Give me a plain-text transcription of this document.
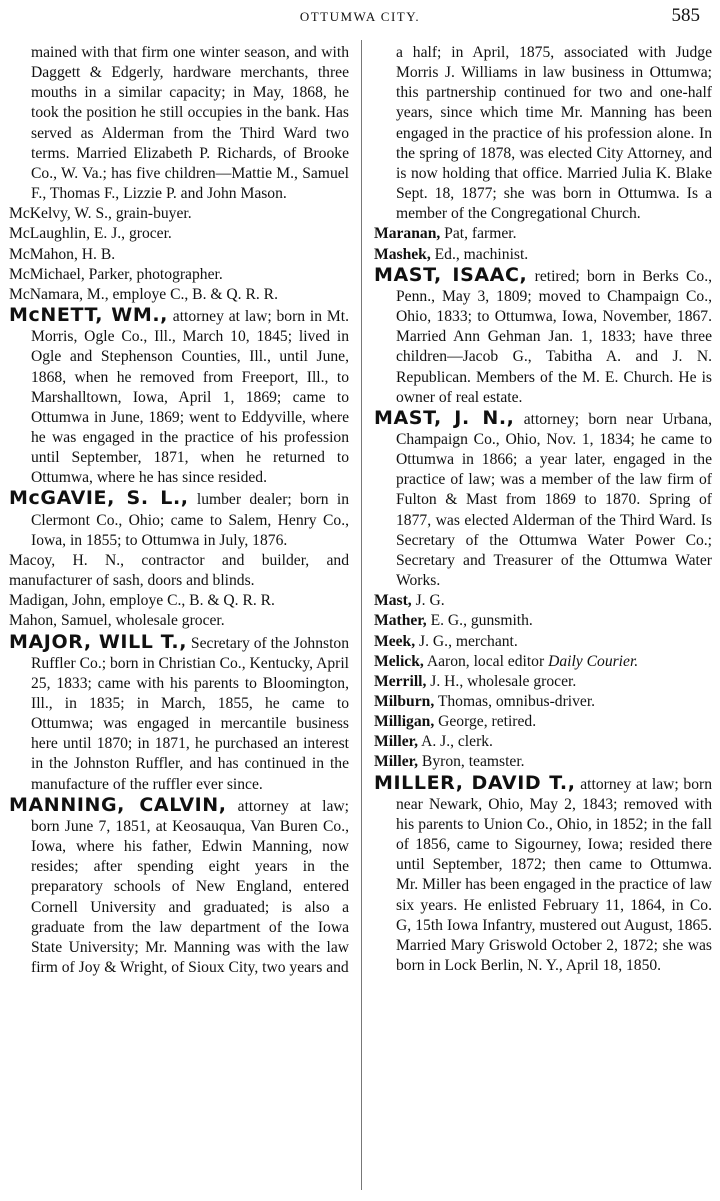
OTTUMWA CITY.	585

mained with that firm one winter season, and with Daggett & Edgerly, hardware merchants, three mouths in a similar capacity; in May, 1868, he took the position he still occupies in the bank. Has served as Alderman from the Third Ward two terms. Married Elizabeth P. Richards, of Brooke Co., W. Va.; has five children—Mattie M., Samuel F., Thomas F., Lizzie P. and John Mason.

McKelvy, W. S., grain-buyer.

McLaughlin, E. J., grocer.

McMahon, H. B.

McMichael, Parker, photographer.

McNamara, M., employe C., B. & Q. R. R.

McNETT, WM., attorney at law; born in Mt. Morris, Ogle Co., Ill., March 10, 1845; lived in Ogle and Stephenson Counties, Ill., until June, 1868, when he removed from Freeport, Ill., to Marshalltown, Iowa, April 1, 1869; came to Ottumwa in June, 1869; went to Eddyville, where he was engaged in the practice of his profession until September, 1871, when he returned to Ottumwa, where he has since resided.

McGAVIE, S. L., lumber dealer; born in Clermont Co., Ohio; came to Salem, Henry Co., Iowa, in 1855; to Ottumwa in July, 1876.

Macoy, H. N., contractor and builder, and manufacturer of sash, doors and blinds.

Madigan, John, employe C., B. & Q. R. R.

Mahon, Samuel, wholesale grocer.

MAJOR, WILL T., Secretary of the Johnston Ruffler Co.; born in Christian Co., Kentucky, April 25, 1833; came with his parents to Bloomington, Ill., in 1835; in March, 1855, he came to Ottumwa; was engaged in mercantile business here until 1870; in 1871, he purchased an interest in the Johnston Ruffler, and has continued in the manufacture of the ruffler ever since.

MANNING, CALVIN, attorney at law; born June 7, 1851, at Keosauqua, Van Buren Co., Iowa, where his father, Edwin Manning, now resides; after spending eight years in the preparatory schools of New England, entered Cornell University and graduated; is also a graduate from the law department of the Iowa State University; Mr. Manning was with the law firm of Joy & Wright, of Sioux City, two years and

a half; in April, 1875, associated with Judge Morris J. Williams in law business in Ottumwa; this partnership continued for two and one-half years, since which time Mr. Manning has been engaged in the practice of his profession alone. In the spring of 1878, was elected City Attorney, and is now holding that office. Married Julia K. Blake Sept. 18, 1877; she was born in Ottumwa. Is a member of the Congregational Church.

Maranan, Pat, farmer.

Mashek, Ed., machinist.

MAST, ISAAC, retired; born in Berks Co., Penn., May 3, 1809; moved to Champaign Co., Ohio, 1833; to Ottumwa, Iowa, November, 1867. Married Ann Gehman Jan. 1, 1833; have three children—Jacob G., Tabitha A. and J. N. Republican. Members of the M. E. Church. He is owner of real estate.

MAST, J. N., attorney; born near Urbana, Champaign Co., Ohio, Nov. 1, 1834; he came to Ottumwa in 1866; a year later, engaged in the practice of law; was a member of the law firm of Fulton & Mast from 1869 to 1870. Spring of 1877, was elected Alderman of the Third Ward. Is Secretary of the Ottumwa Water Power Co.; Secretary and Treasurer of the Ottumwa Water Works.

Mast, J. G.

Mather, E. G., gunsmith.

Meek, J. G., merchant.

Melick, Aaron, local editor Daily Courier.

Merrill, J. H., wholesale grocer.

Milburn, Thomas, omnibus-driver.

Milligan, George, retired.

Miller, A. J., clerk.

Miller, Byron, teamster.

MILLER, DAVID T., attorney at law; born near Newark, Ohio, May 2, 1843; removed with his parents to Union Co., Ohio, in 1852; in the fall of 1856, came to Sigourney, Iowa; resided there until September, 1872; then came to Ottumwa. Mr. Miller has been engaged in the practice of law six years. He enlisted February 11, 1864, in Co. G, 15th Iowa Infantry, mustered out August, 1865. Married Mary Griswold October 2, 1872; she was born in Lock Berlin, N. Y., April 18, 1850.
